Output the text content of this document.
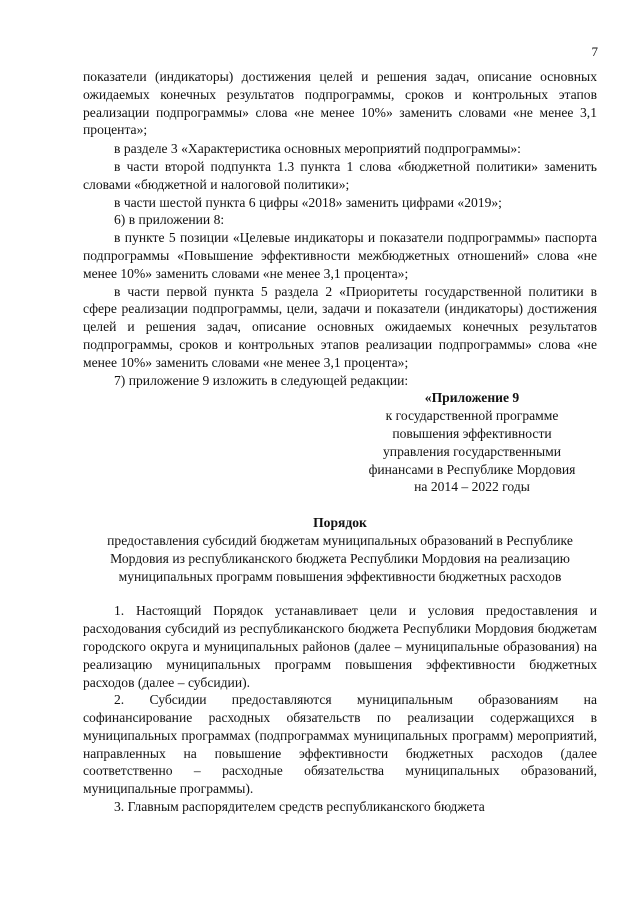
7

показатели (индикаторы) достижения целей и решения задач, описание основных ожидаемых конечных результатов подпрограммы, сроков и контрольных этапов реализации подпрограммы» слова «не менее 10%» заменить словами «не менее 3,1 процента»;

в разделе 3 «Характеристика основных мероприятий подпрограммы»:

в части второй подпункта 1.3 пункта 1 слова «бюджетной политики» заменить словами «бюджетной и налоговой политики»;

в части шестой пункта 6 цифры «2018» заменить цифрами «2019»;

6) в приложении 8:

в пункте 5 позиции «Целевые индикаторы и показатели подпрограммы» паспорта подпрограммы «Повышение эффективности межбюджетных отношений» слова «не менее 10%» заменить словами «не менее 3,1 процента»;

в части первой пункта 5 раздела 2 «Приоритеты государственной политики в сфере реализации подпрограммы, цели, задачи и показатели (индикаторы) достижения целей и решения задач, описание основных ожидаемых конечных результатов подпрограммы, сроков и контрольных этапов реализации подпрограммы» слова «не менее 10%» заменить словами «не менее 3,1 процента»;

7) приложение 9 изложить в следующей редакции:

«Приложение 9
к государственной программе
повышения эффективности
управления государственными
финансами в Республике Мордовия
на 2014 – 2022 годы
Порядок
предоставления субсидий бюджетам муниципальных образований в Республике Мордовия из республиканского бюджета Республики Мордовия на реализацию муниципальных программ повышения эффективности бюджетных расходов

1. Настоящий Порядок устанавливает цели и условия предоставления и расходования субсидий из республиканского бюджета Республики Мордовия бюджетам городского округа и муниципальных районов (далее – муниципальные образования) на реализацию муниципальных программ повышения эффективности бюджетных расходов (далее – субсидии).

2. Субсидии предоставляются муниципальным образованиям на софинансирование расходных обязательств по реализации содержащихся в муниципальных программах (подпрограммах муниципальных программ) мероприятий, направленных на повышение эффективности бюджетных расходов (далее соответственно – расходные обязательства муниципальных образований, муниципальные программы).

3. Главным распорядителем средств республиканского бюджета
